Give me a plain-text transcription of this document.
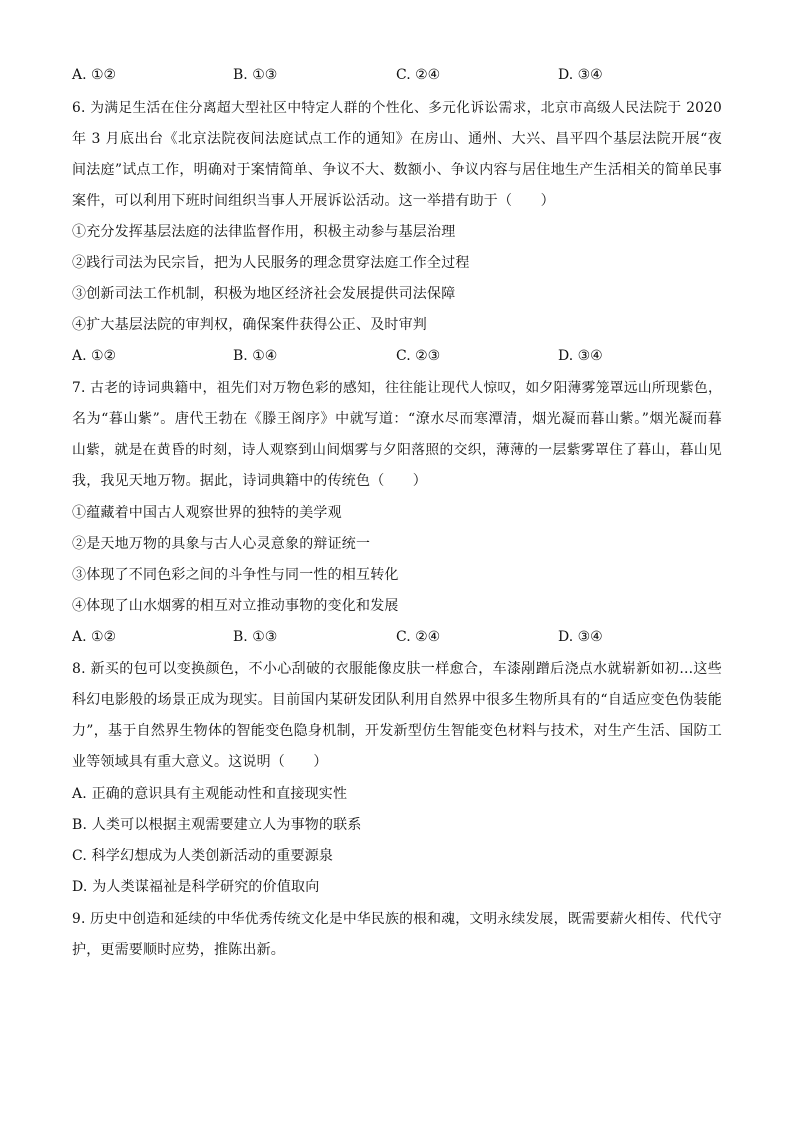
A. ①②	B. ①③	C. ②④	D. ③④
6. 为满足生活在住分离超大型社区中特定人群的个性化、多元化诉讼需求，北京市高级人民法院于 2020
年 3 月底出台《北京法院夜间法庭试点工作的通知》在房山、通州、大兴、昌平四个基层法院开展“夜
间法庭”试点工作，明确对于案情简单、争议不大、数额小、争议内容与居住地生产生活相关的简单民事
案件，可以利用下班时间组织当事人开展诉讼活动。这一举措有助于（　　）
①充分发挥基层法庭的法律监督作用，积极主动参与基层治理
②践行司法为民宗旨，把为人民服务的理念贯穿法庭工作全过程
③创新司法工作机制，积极为地区经济社会发展提供司法保障
④扩大基层法院的审判权，确保案件获得公正、及时审判
A. ①②	B. ①④	C. ②③	D. ③④
7. 古老的诗词典籍中，祖先们对万物色彩的感知，往往能让现代人惊叹，如夕阳薄雾笼罩远山所现紫色，
名为“暮山紫”。唐代王勃在《滕王阁序》中就写道：“潦水尽而寒潭清，烟光凝而暮山紫。”烟光凝而暮
山紫，就是在黄昏的时刻，诗人观察到山间烟雾与夕阳落照的交织，薄薄的一层紫雾罩住了暮山，暮山见
我，我见天地万物。据此，诗词典籍中的传统色（　　）
①蕴藏着中国古人观察世界的独特的美学观
②是天地万物的具象与古人心灵意象的辩证统一
③体现了不同色彩之间的斗争性与同一性的相互转化
④体现了山水烟雾的相互对立推动事物的变化和发展
A. ①②	B. ①③	C. ②④	D. ③④
8. 新买的包可以变换颜色，不小心刮破的衣服能像皮肤一样愈合，车漆剐蹭后浇点水就崭新如初...这些
科幻电影般的场景正成为现实。目前国内某研发团队利用自然界中很多生物所具有的“自适应变色伪装能
力”，基于自然界生物体的智能变色隐身机制，开发新型仿生智能变色材料与技术，对生产生活、国防工
业等领域具有重大意义。这说明（　　）
A. 正确的意识具有主观能动性和直接现实性
B. 人类可以根据主观需要建立人为事物的联系
C. 科学幻想成为人类创新活动的重要源泉
D. 为人类谋福祉是科学研究的价值取向
9. 历史中创造和延续的中华优秀传统文化是中华民族的根和魂，文明永续发展，既需要薪火相传、代代守
护，更需要顺时应势，推陈出新。
